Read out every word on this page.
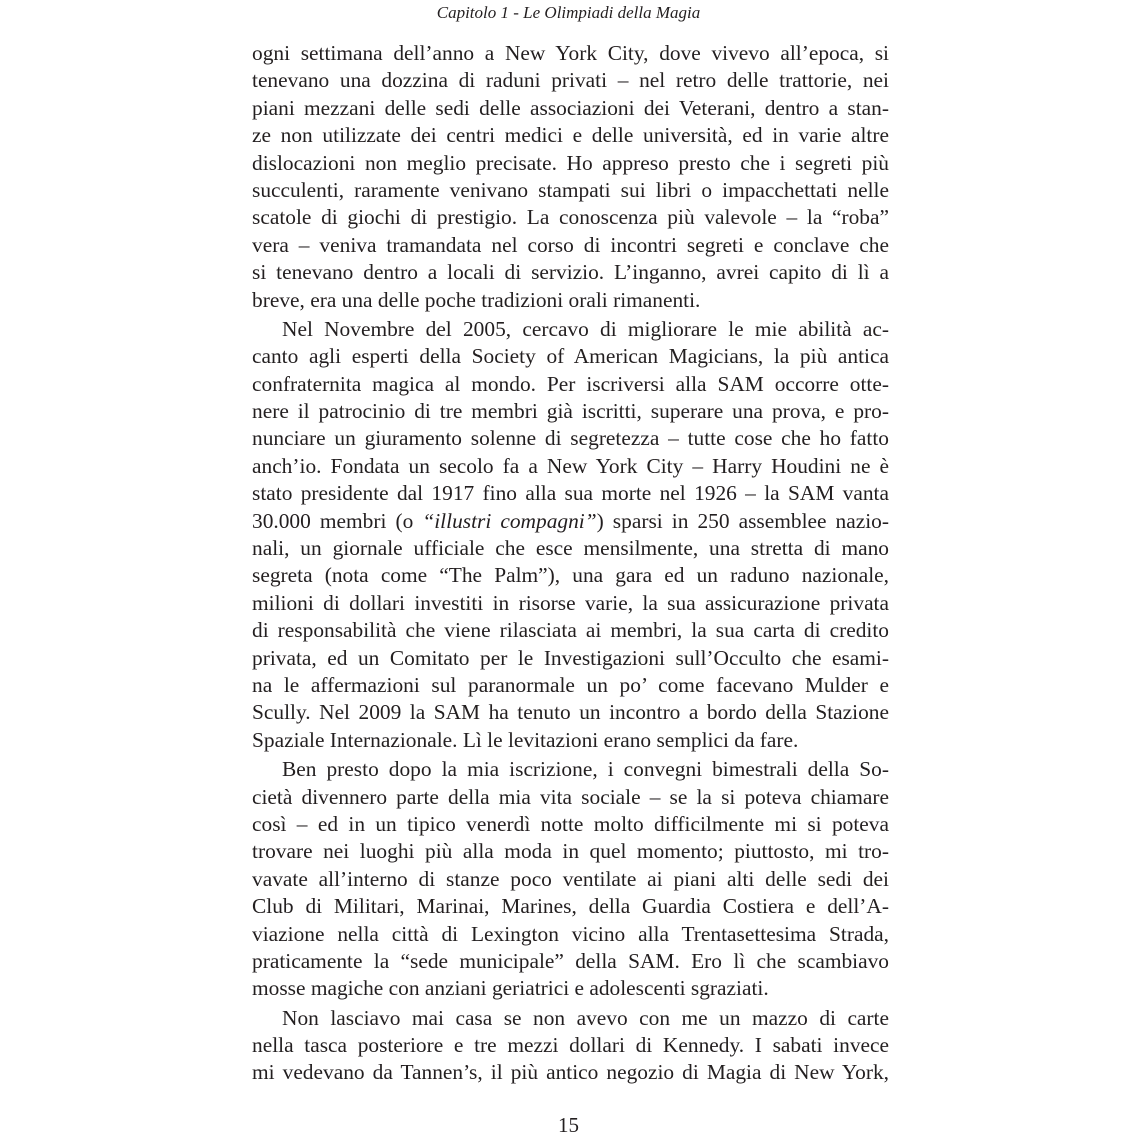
Capitolo 1 - Le Olimpiadi della Magia
ogni settimana dell’anno a New York City, dove vivevo all’epoca, si
tenevano una dozzina di raduni privati – nel retro delle trattorie, nei
piani mezzani delle sedi delle associazioni dei Veterani, dentro a stan-
ze non utilizzate dei centri medici e delle università, ed in varie altre
dislocazioni non meglio precisate. Ho appreso presto che i segreti più
succulenti, raramente venivano stampati sui libri o impacchettati nelle
scatole di giochi di prestigio. La conoscenza più valevole – la “roba”
vera – veniva tramandata nel corso di incontri segreti e conclave che
si tenevano dentro a locali di servizio. L’inganno, avrei capito di lì a
breve, era una delle poche tradizioni orali rimanenti.
Nel Novembre del 2005, cercavo di migliorare le mie abilità ac-
canto agli esperti della Society of American Magicians, la più antica
confraternita magica al mondo. Per iscriversi alla SAM occorre otte-
nere il patrocinio di tre membri già iscritti, superare una prova, e pro-
nunciare un giuramento solenne di segretezza – tutte cose che ho fatto
anch’io. Fondata un secolo fa a New York City – Harry Houdini ne è
stato presidente dal 1917 fino alla sua morte nel 1926 – la SAM vanta
30.000 membri (o “illustri compagni”) sparsi in 250 assemblee nazio-
nali, un giornale ufficiale che esce mensilmente, una stretta di mano
segreta (nota come “The Palm”), una gara ed un raduno nazionale,
milioni di dollari investiti in risorse varie, la sua assicurazione privata
di responsabilità che viene rilasciata ai membri, la sua carta di credito
privata, ed un Comitato per le Investigazioni sull’Occulto che esami-
na le affermazioni sul paranormale un po’ come facevano Mulder e
Scully. Nel 2009 la SAM ha tenuto un incontro a bordo della Stazione
Spaziale Internazionale. Lì le levitazioni erano semplici da fare.
Ben presto dopo la mia iscrizione, i convegni bimestrali della So-
cietà divennero parte della mia vita sociale – se la si poteva chiamare
così – ed in un tipico venerdì notte molto difficilmente mi si poteva
trovare nei luoghi più alla moda in quel momento; piuttosto, mi tro-
vavate all’interno di stanze poco ventilate ai piani alti delle sedi dei
Club di Militari, Marinai, Marines, della Guardia Costiera e dell’A-
viazione nella città di Lexington vicino alla Trentasettesima Strada,
praticamente la “sede municipale” della SAM. Ero lì che scambiavo
mosse magiche con anziani geriatrici e adolescenti sgraziati.
Non lasciavo mai casa se non avevo con me un mazzo di carte
nella tasca posteriore e tre mezzi dollari di Kennedy. I sabati invece
mi vedevano da Tannen’s, il più antico negozio di Magia di New York,
15
